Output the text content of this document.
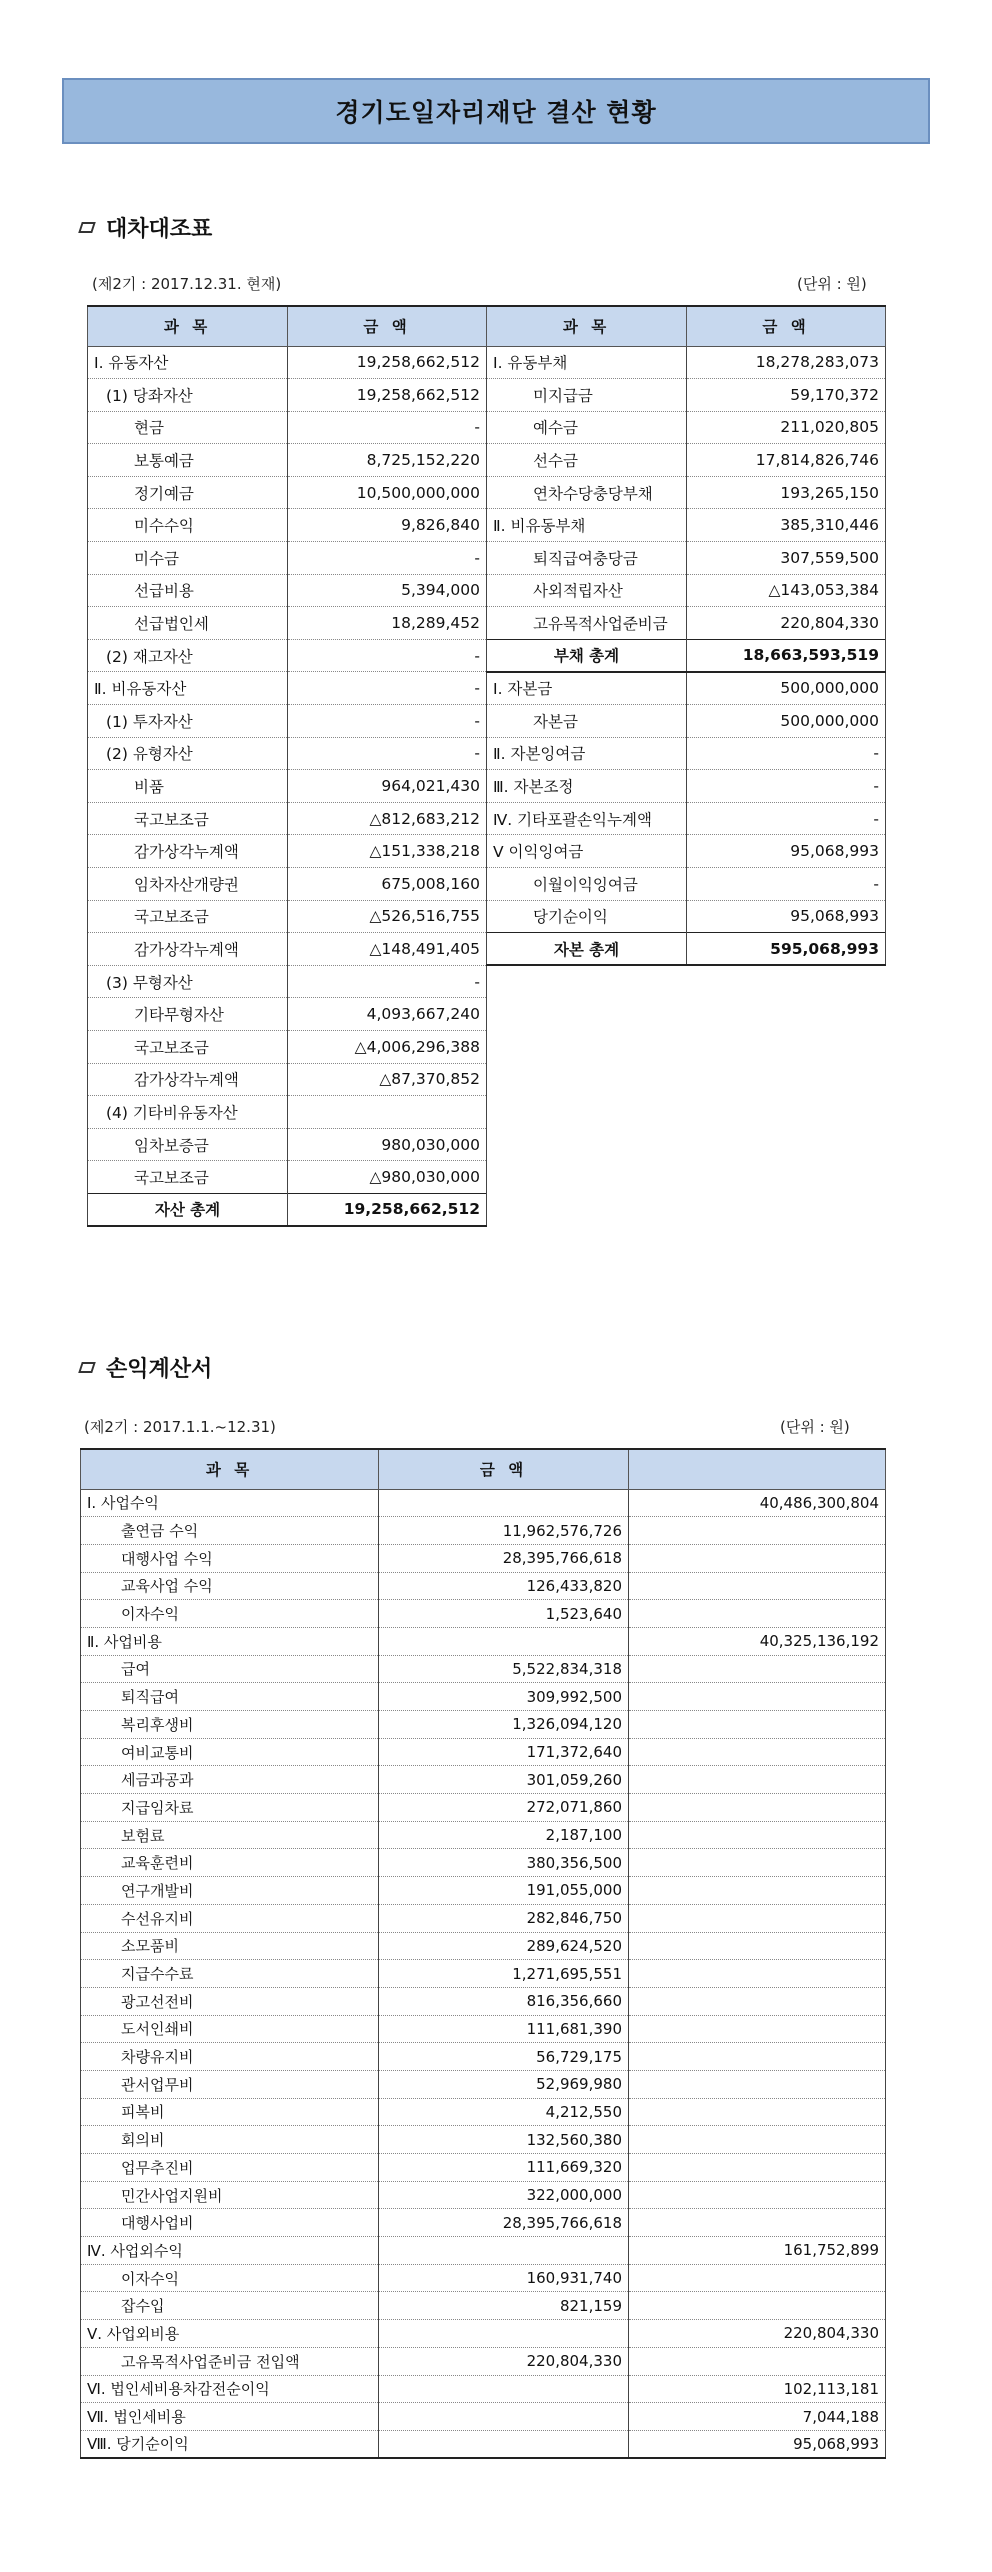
경기도일자리재단 결산 현황
대차대조표
(제2기 : 2017.12.31. 현재)	(단위 : 원)
과 목	금 액	과 목	금 액
Ⅰ. 유동자산	19,258,662,512	Ⅰ. 유동부채	18,278,283,073
(1) 당좌자산	19,258,662,512	미지급금	59,170,372
현금	-	예수금	211,020,805
보통예금	8,725,152,220	선수금	17,814,826,746
정기예금	10,500,000,000	연차수당충당부채	193,265,150
미수수익	9,826,840	Ⅱ. 비유동부채	385,310,446
미수금	-	퇴직급여충당금	307,559,500
선급비용	5,394,000	사외적립자산	△143,053,384
선급법인세	18,289,452	고유목적사업준비금	220,804,330
(2) 재고자산	-	부채 총계	18,663,593,519
Ⅱ. 비유동자산	-	Ⅰ. 자본금	500,000,000
(1) 투자자산	-	자본금	500,000,000
(2) 유형자산	-	Ⅱ. 자본잉여금	-
비품	964,021,430	Ⅲ. 자본조정	-
국고보조금	△812,683,212	Ⅳ. 기타포괄손익누계액	-
감가상각누계액	△151,338,218	Ⅴ 이익잉여금	95,068,993
임차자산개량권	675,008,160	이월이익잉여금	-
국고보조금	△526,516,755	당기순이익	95,068,993
감가상각누계액	△148,491,405	자본 총계	595,068,993
(3) 무형자산	-		
기타무형자산	4,093,667,240		
국고보조금	△4,006,296,388		
감가상각누계액	△87,370,852		
(4) 기타비유동자산			
임차보증금	980,030,000		
국고보조금	△980,030,000		
자산 총계	19,258,662,512		
손익계산서
(제2기 : 2017.1.1.~12.31)	(단위 : 원)
과 목	금 액	
Ⅰ. 사업수익		40,486,300,804
출연금 수익	11,962,576,726	
대행사업 수익	28,395,766,618	
교육사업 수익	126,433,820	
이자수익	1,523,640	
Ⅱ. 사업비용		40,325,136,192
급여	5,522,834,318	
퇴직급여	309,992,500	
복리후생비	1,326,094,120	
여비교통비	171,372,640	
세금과공과	301,059,260	
지급임차료	272,071,860	
보험료	2,187,100	
교육훈련비	380,356,500	
연구개발비	191,055,000	
수선유지비	282,846,750	
소모품비	289,624,520	
지급수수료	1,271,695,551	
광고선전비	816,356,660	
도서인쇄비	111,681,390	
차량유지비	56,729,175	
관서업무비	52,969,980	
피복비	4,212,550	
회의비	132,560,380	
업무추진비	111,669,320	
민간사업지원비	322,000,000	
대행사업비	28,395,766,618	
Ⅳ. 사업외수익		161,752,899
이자수익	160,931,740	
잡수입	821,159	
Ⅴ. 사업외비용		220,804,330
고유목적사업준비금 전입액	220,804,330	
Ⅵ. 법인세비용차감전순이익		102,113,181
Ⅶ. 법인세비용		7,044,188
Ⅷ. 당기순이익		95,068,993
